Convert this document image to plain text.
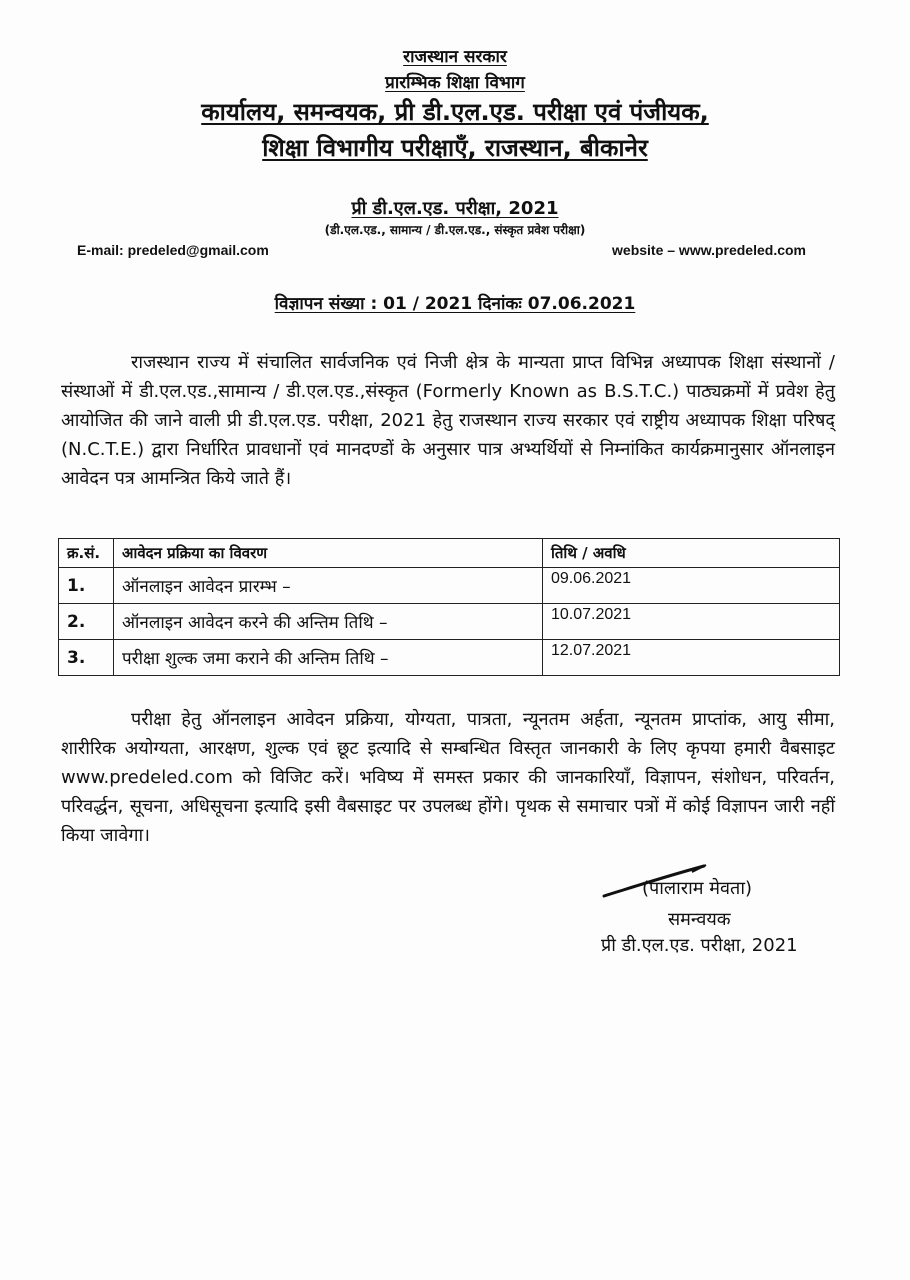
राजस्थान सरकार
प्रारम्भिक शिक्षा विभाग
कार्यालय, समन्वयक, प्री डी.एल.एड. परीक्षा एवं पंजीयक,
शिक्षा विभागीय परीक्षाएँ, राजस्थान, बीकानेर
प्री डी.एल.एड. परीक्षा, 2021
(डी.एल.एड., सामान्य / डी.एल.एड., संस्कृत प्रवेश परीक्षा)
E-mail: predeled@gmail.com	website – www.predeled.com
विज्ञापन संख्या : 01 / 2021 दिनांकः 07.06.2021

राजस्थान राज्य में संचालित सार्वजनिक एवं निजी क्षेत्र के मान्यता प्राप्त विभिन्न अध्यापक शिक्षा संस्थानों / संस्थाओं में डी.एल.एड.,सामान्य / डी.एल.एड.,संस्कृत (Formerly Known as B.S.T.C.) पाठ्यक्रमों में प्रवेश हेतु आयोजित की जाने वाली प्री डी.एल.एड. परीक्षा, 2021 हेतु राजस्थान राज्य सरकार एवं राष्ट्रीय अध्यापक शिक्षा परिषद् (N.C.T.E.) द्वारा निर्धारित प्रावधानों एवं मानदण्डों के अनुसार पात्र अभ्यर्थियों से निम्नांकित कार्यक्रमानुसार ऑनलाइन आवेदन पत्र आमन्त्रित किये जाते हैं।

क्र.सं.	आवेदन प्रक्रिया का विवरण	तिथि / अवधि
1.	ऑनलाइन आवेदन प्रारम्भ –	09.06.2021
2.	ऑनलाइन आवेदन करने की अन्तिम तिथि –	10.07.2021
3.	परीक्षा शुल्क जमा कराने की अन्तिम तिथि –	12.07.2021

परीक्षा हेतु ऑनलाइन आवेदन प्रक्रिया, योग्यता, पात्रता, न्यूनतम अर्हता, न्यूनतम प्राप्तांक, आयु सीमा, शारीरिक अयोग्यता, आरक्षण, शुल्क एवं छूट इत्यादि से सम्बन्धित विस्तृत जानकारी के लिए कृपया हमारी वैबसाइट www.predeled.com को विजिट करें। भविष्य में समस्त प्रकार की जानकारियाँ, विज्ञापन, संशोधन, परिवर्तन, परिवर्द्धन, सूचना, अधिसूचना इत्यादि इसी वैबसाइट पर उपलब्ध होंगे। पृथक से समाचार पत्रों में कोई विज्ञापन जारी नहीं किया जावेगा।

(पालाराम मेवता)
समन्वयक
प्री डी.एल.एड. परीक्षा, 2021
